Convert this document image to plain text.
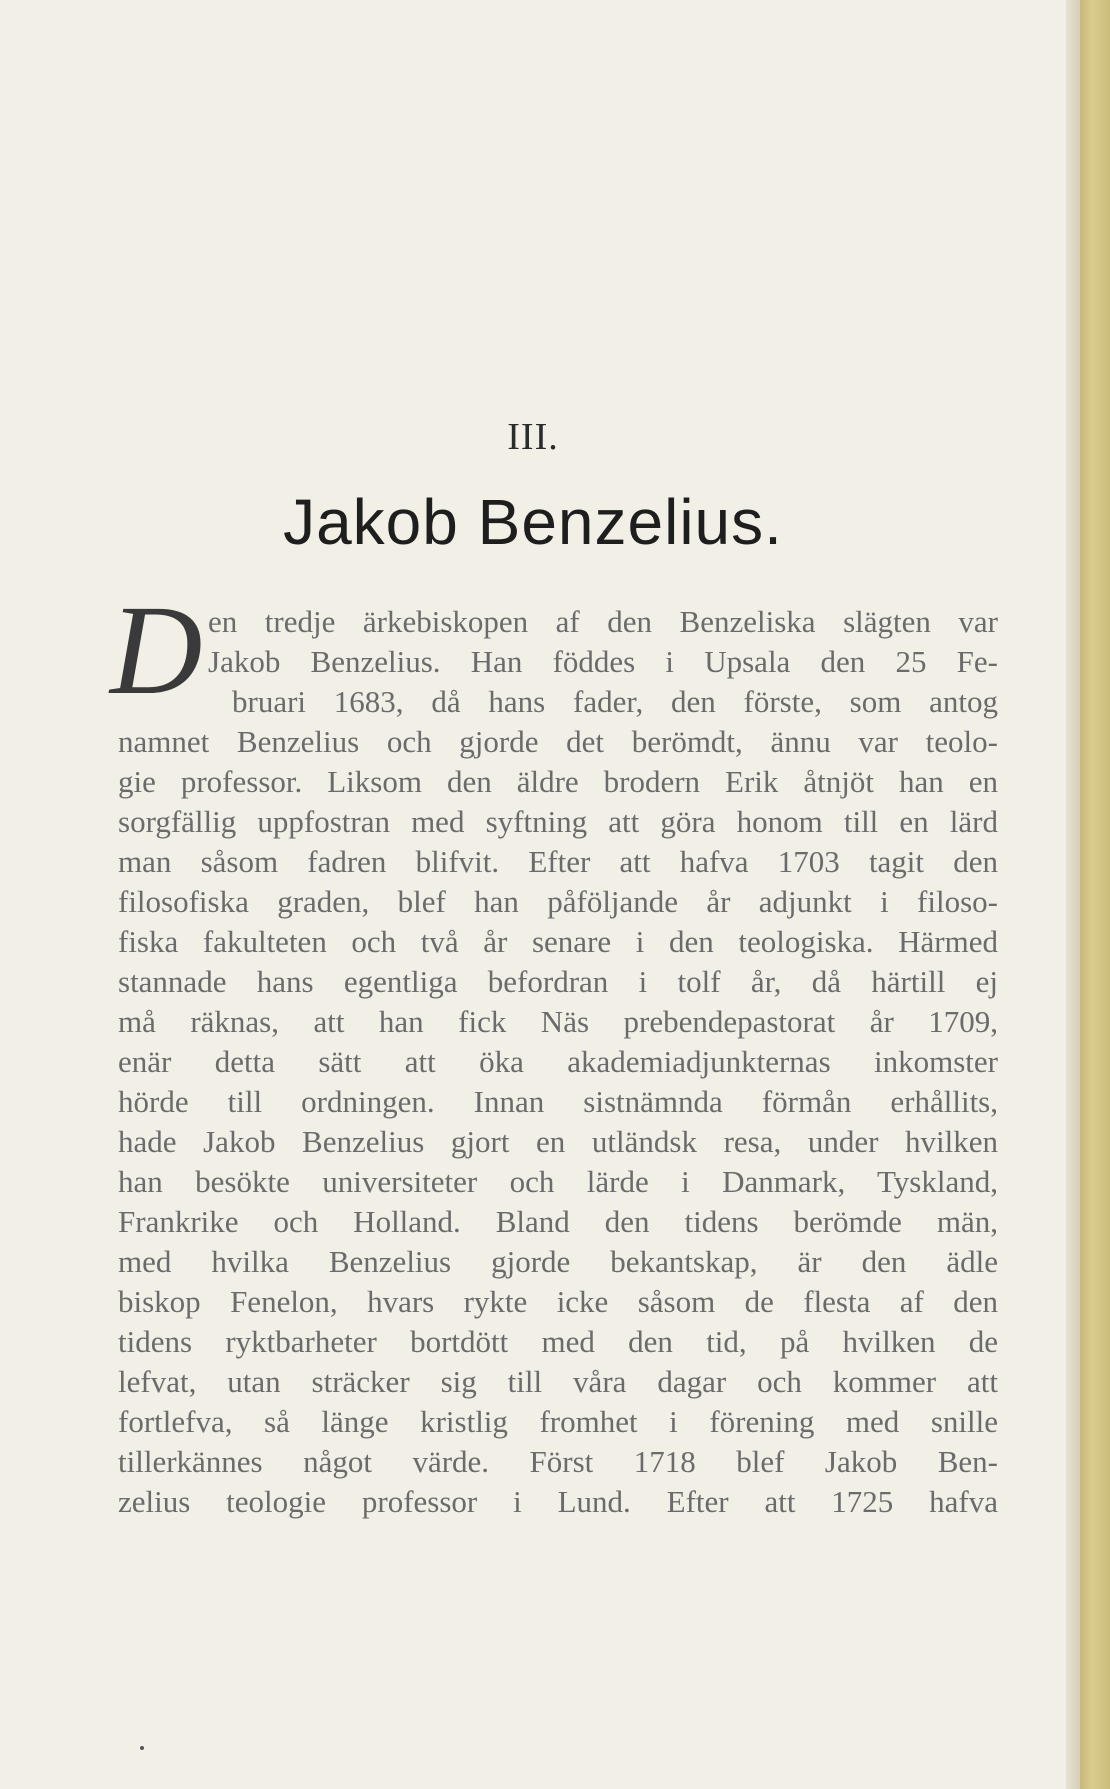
III.
Jakob Benzelius.
D en tredje ärkebiskopen af den Benzeliska slägten var
Jakob Benzelius. Han föddes i Upsala den 25 Fe-
bruari 1683, då hans fader, den förste, som antog
namnet Benzelius och gjorde det berömdt, ännu var teolo-
gie professor. Liksom den äldre brodern Erik åtnjöt han en
sorgfällig uppfostran med syftning att göra honom till en lärd
man såsom fadren blifvit. Efter att hafva 1703 tagit den
filosofiska graden, blef han påföljande år adjunkt i filoso-
fiska fakulteten och två år senare i den teologiska. Härmed
stannade hans egentliga befordran i tolf år, då härtill ej
må räknas, att han fick Näs prebendepastorat år 1709,
enär detta sätt att öka akademiadjunkternas inkomster
hörde till ordningen. Innan sistnämnda förmån erhållits,
hade Jakob Benzelius gjort en utländsk resa, under hvilken
han besökte universiteter och lärde i Danmark, Tyskland,
Frankrike och Holland. Bland den tidens berömde män,
med hvilka Benzelius gjorde bekantskap, är den ädle
biskop Fenelon, hvars rykte icke såsom de flesta af den
tidens ryktbarheter bortdött med den tid, på hvilken de
lefvat, utan sträcker sig till våra dagar och kommer att
fortlefva, så länge kristlig fromhet i förening med snille
tillerkännes något värde. Först 1718 blef Jakob Ben-
zelius teologie professor i Lund. Efter att 1725 hafva
